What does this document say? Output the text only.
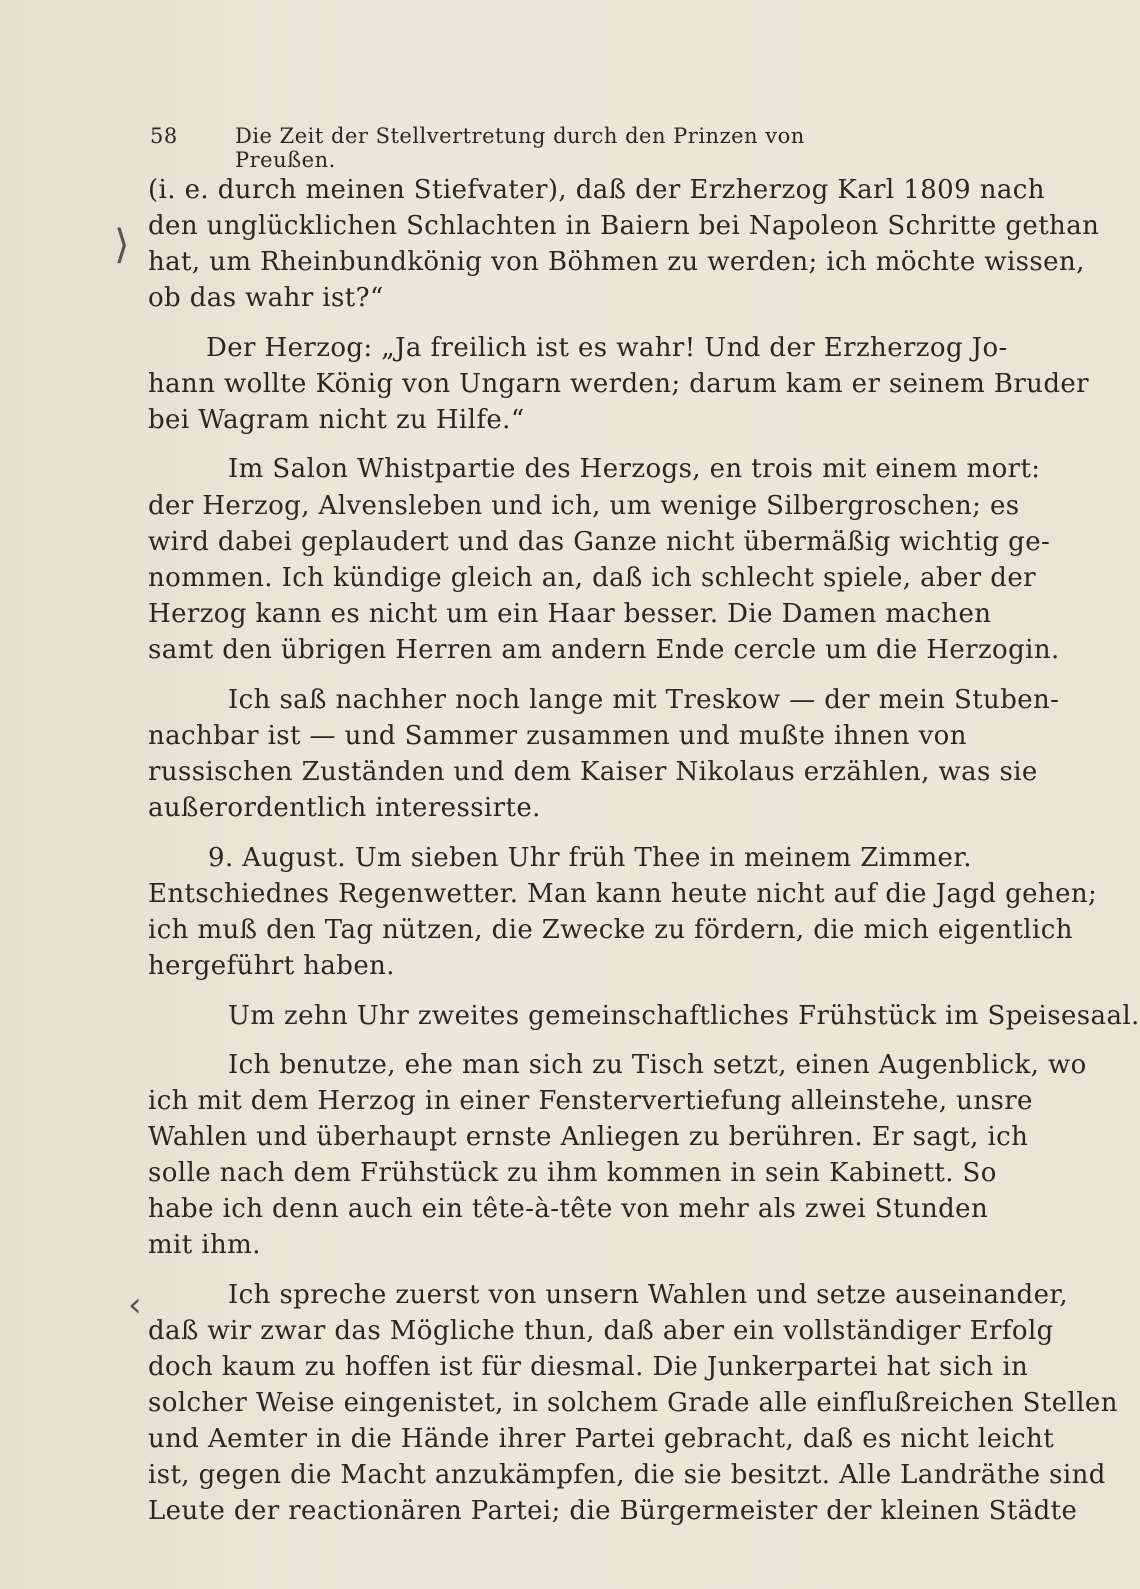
58	Die Zeit der Stellvertretung durch den Prinzen von Preußen.
⟩
‹
(i. e. durch meinen Stiefvater), daß der Erzherzog Karl 1809 nach
den unglücklichen Schlachten in Baiern bei Napoleon Schritte gethan
hat, um Rheinbundkönig von Böhmen zu werden; ich möchte wissen,
ob das wahr ist?“
Der Herzog: „Ja freilich ist es wahr! Und der Erzherzog Jo-
hann wollte König von Ungarn werden; darum kam er seinem Bruder
bei Wagram nicht zu Hilfe.“
Im Salon Whistpartie des Herzogs, en trois mit einem mort:
der Herzog, Alvensleben und ich, um wenige Silbergroschen; es
wird dabei geplaudert und das Ganze nicht übermäßig wichtig ge-
nommen. Ich kündige gleich an, daß ich schlecht spiele, aber der
Herzog kann es nicht um ein Haar besser. Die Damen machen
samt den übrigen Herren am andern Ende cercle um die Herzogin.
Ich saß nachher noch lange mit Treskow — der mein Stuben-
nachbar ist — und Sammer zusammen und mußte ihnen von
russischen Zuständen und dem Kaiser Nikolaus erzählen, was sie
außerordentlich interessirte.
9. August. Um sieben Uhr früh Thee in meinem Zimmer.
Entschiednes Regenwetter. Man kann heute nicht auf die Jagd gehen;
ich muß den Tag nützen, die Zwecke zu fördern, die mich eigentlich
hergeführt haben.
Um zehn Uhr zweites gemeinschaftliches Frühstück im Speisesaal.
Ich benutze, ehe man sich zu Tisch setzt, einen Augenblick, wo
ich mit dem Herzog in einer Fenstervertiefung alleinstehe, unsre
Wahlen und überhaupt ernste Anliegen zu berühren. Er sagt, ich
solle nach dem Frühstück zu ihm kommen in sein Kabinett. So
habe ich denn auch ein tête-à-tête von mehr als zwei Stunden
mit ihm.
Ich spreche zuerst von unsern Wahlen und setze auseinander,
daß wir zwar das Mögliche thun, daß aber ein vollständiger Erfolg
doch kaum zu hoffen ist für diesmal. Die Junkerpartei hat sich in
solcher Weise eingenistet, in solchem Grade alle einflußreichen Stellen
und Aemter in die Hände ihrer Partei gebracht, daß es nicht leicht
ist, gegen die Macht anzukämpfen, die sie besitzt. Alle Landräthe sind
Leute der reactionären Partei; die Bürgermeister der kleinen Städte
